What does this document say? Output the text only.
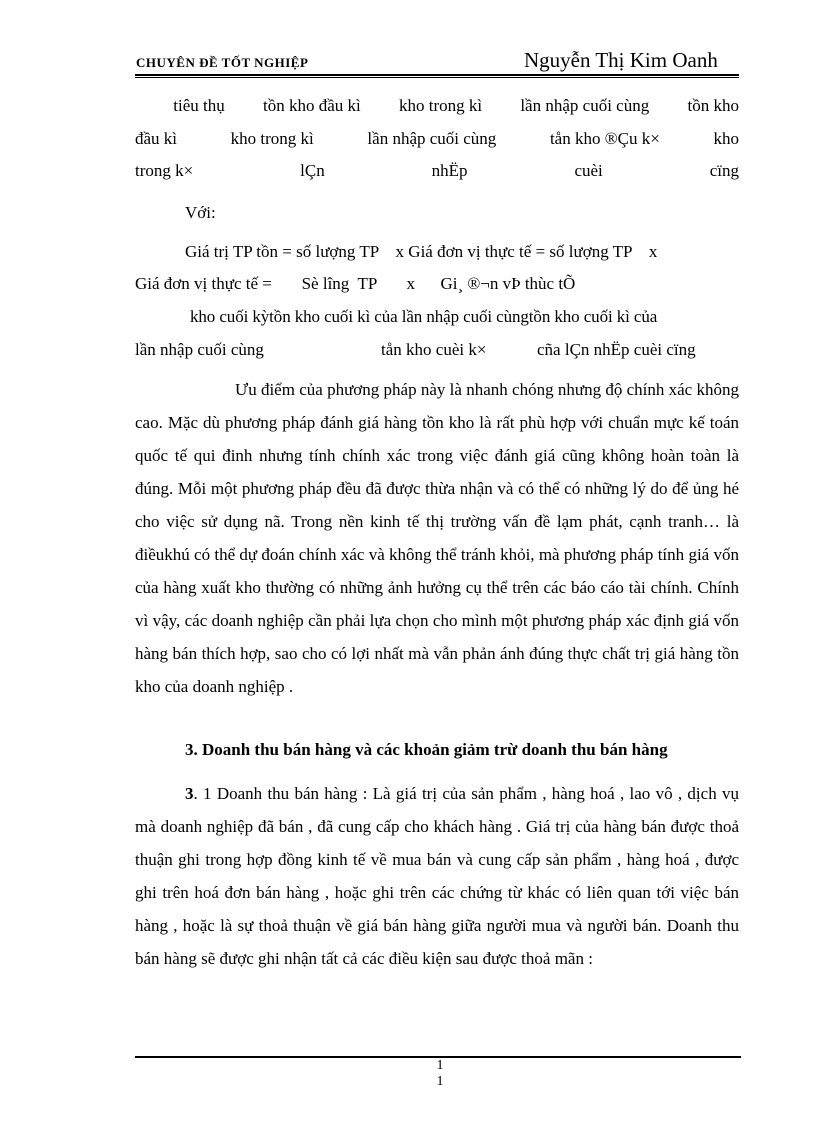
CHUYÊN ĐỀ TỐT NGHIỆP	Nguyễn Thị Kim Oanh
tiêu thụ tồn kho đầu kì kho trong kì lần nhập cuối cùng tồn kho
đầu kì	kho trong kì	lần nhập cuối cùng	tån kho ®Çu k×	kho
trong k×	lÇn	nhËp	cuèi	cïng
Với:
Giá trị TP tồn = số lượng TP    x Giá đơn vị thực tế = số lượng TP    x
Giá đơn vị thực tế =       Sè lîng  TP       x      Gi¸ ®¬n vÞ thùc tÕ
kho cuối kỳtồn kho cuối kì của lần nhập cuối cùngtồn kho cuối kì của
lần nhập cuối cùng	tån kho cuèi k×	cña lÇn nhËp cuèi cïng

Ưu điểm của phương pháp này là nhanh chóng nhưng độ chính xác không cao. Mặc dù phương pháp đánh giá hàng tồn kho là rất phù hợp với chuẩn mực kế toán quốc tế qui đinh nhưng tính chính xác trong việc đánh giá cũng không hoàn toàn là đúng. Mỗi một phương pháp đều đã được thừa nhận và có thể có những lý do để ủng hé cho việc sử dụng nã. Trong nền kinh tế thị trường vấn đề lạm phát, cạnh tranh… là điềukhú có thể dự đoán chính xác và không thể tránh khỏi, mà phương pháp tính giá vốn của hàng xuất kho thường có những ảnh hưởng cụ thể trên các báo cáo tài chính. Chính vì vậy, các doanh nghiệp cần phải lựa chọn cho mình một phương pháp xác định giá vốn hàng bán thích hợp, sao cho có lợi nhất mà vẫn phản ánh đúng thực chất trị giá hàng tồn kho của doanh nghiệp .

3. Doanh thu bán hàng và các khoản giảm trừ doanh thu bán hàng

3. 1 Doanh thu bán hàng : Là giá trị của sản phẩm , hàng hoá , lao vô , dịch vụ mà doanh nghiệp đã bán , đã cung cấp cho khách hàng . Giá trị của hàng bán được thoả thuận ghi trong hợp đồng kinh tế về mua bán và cung cấp sản phẩm , hàng hoá , được ghi trên hoá đơn bán hàng , hoặc ghi trên các chứng từ khác có liên quan tới việc bán hàng , hoặc là sự thoả thuận về giá bán hàng giữa người mua và người bán. Doanh thu bán hàng sẽ được ghi nhận tất cả các điều kiện sau được thoả mãn :

1
1
